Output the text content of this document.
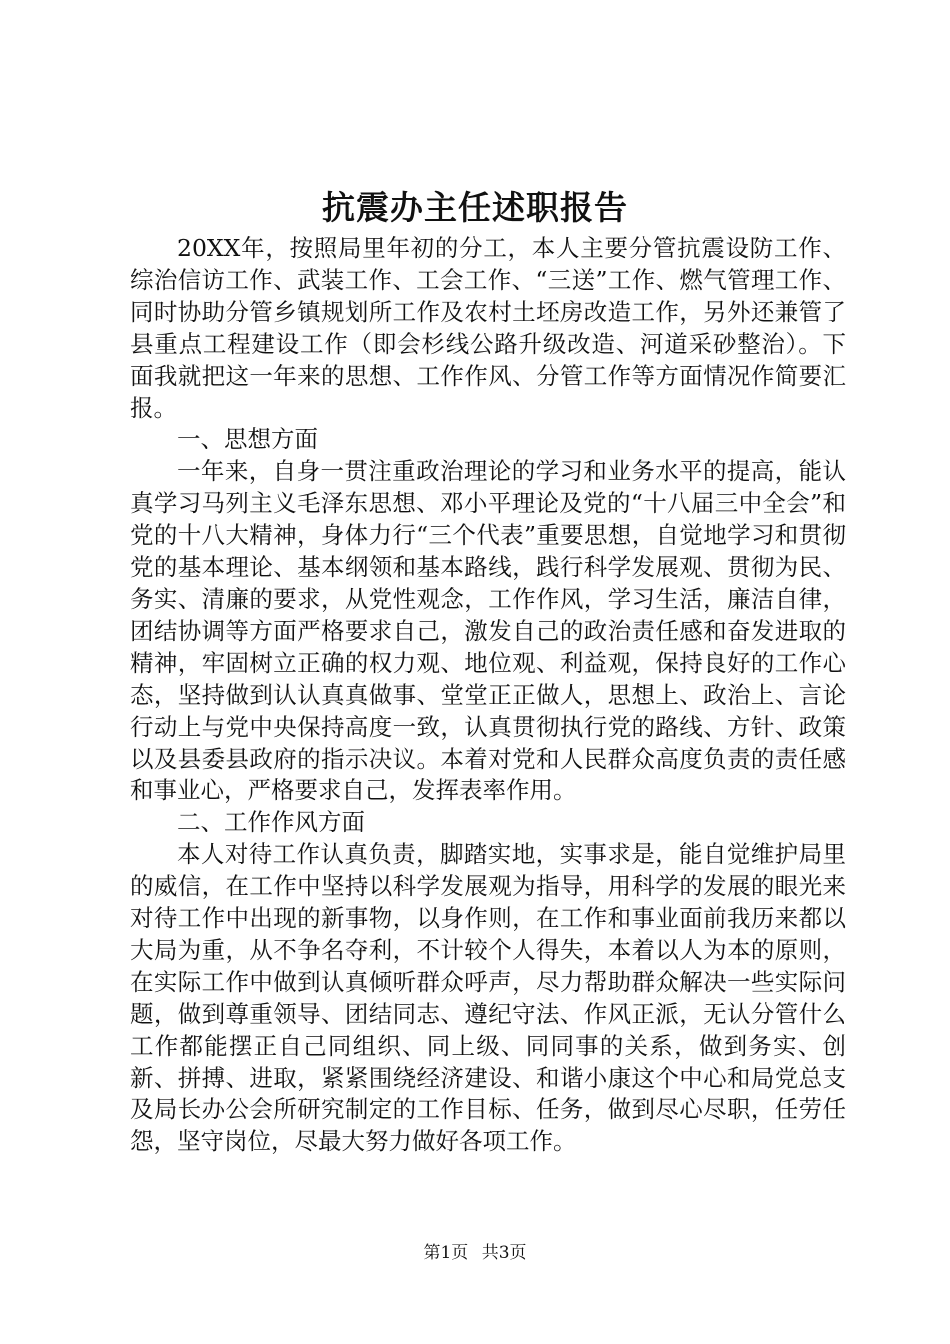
抗震办主任述职报告

20XX年，按照局里年初的分工，本人主要分管抗震设防工作、综治信访工作、武装工作、工会工作、“三送”工作、燃气管理工作、同时协助分管乡镇规划所工作及农村土坯房改造工作，另外还兼管了县重点工程建设工作（即会杉线公路升级改造、河道采砂整治）。下面我就把这一年来的思想、工作作风、分管工作等方面情况作简要汇报。

一、思想方面

一年来，自身一贯注重政治理论的学习和业务水平的提高，能认真学习马列主义毛泽东思想、邓小平理论及党的“十八届三中全会”和党的十八大精神，身体力行“三个代表”重要思想，自觉地学习和贯彻党的基本理论、基本纲领和基本路线，践行科学发展观、贯彻为民、务实、清廉的要求，从党性观念，工作作风，学习生活，廉洁自律，团结协调等方面严格要求自己，激发自己的政治责任感和奋发进取的精神，牢固树立正确的权力观、地位观、利益观，保持良好的工作心态，坚持做到认认真真做事、堂堂正正做人，思想上、政治上、言论行动上与党中央保持高度一致，认真贯彻执行党的路线、方针、政策以及县委县政府的指示决议。本着对党和人民群众高度负责的责任感和事业心，严格要求自己，发挥表率作用。

二、工作作风方面

本人对待工作认真负责，脚踏实地，实事求是，能自觉维护局里的威信，在工作中坚持以科学发展观为指导，用科学的发展的眼光来对待工作中出现的新事物，以身作则，在工作和事业面前我历来都以大局为重，从不争名夺利，不计较个人得失，本着以人为本的原则，在实际工作中做到认真倾听群众呼声，尽力帮助群众解决一些实际问题，做到尊重领导、团结同志、遵纪守法、作风正派，无认分管什么工作都能摆正自己同组织、同上级、同同事的关系，做到务实、创新、拼搏、进取，紧紧围绕经济建设、和谐小康这个中心和局党总支及局长办公会所研究制定的工作目标、任务，做到尽心尽职，任劳任怨，坚守岗位，尽最大努力做好各项工作。

第1页 共3页
